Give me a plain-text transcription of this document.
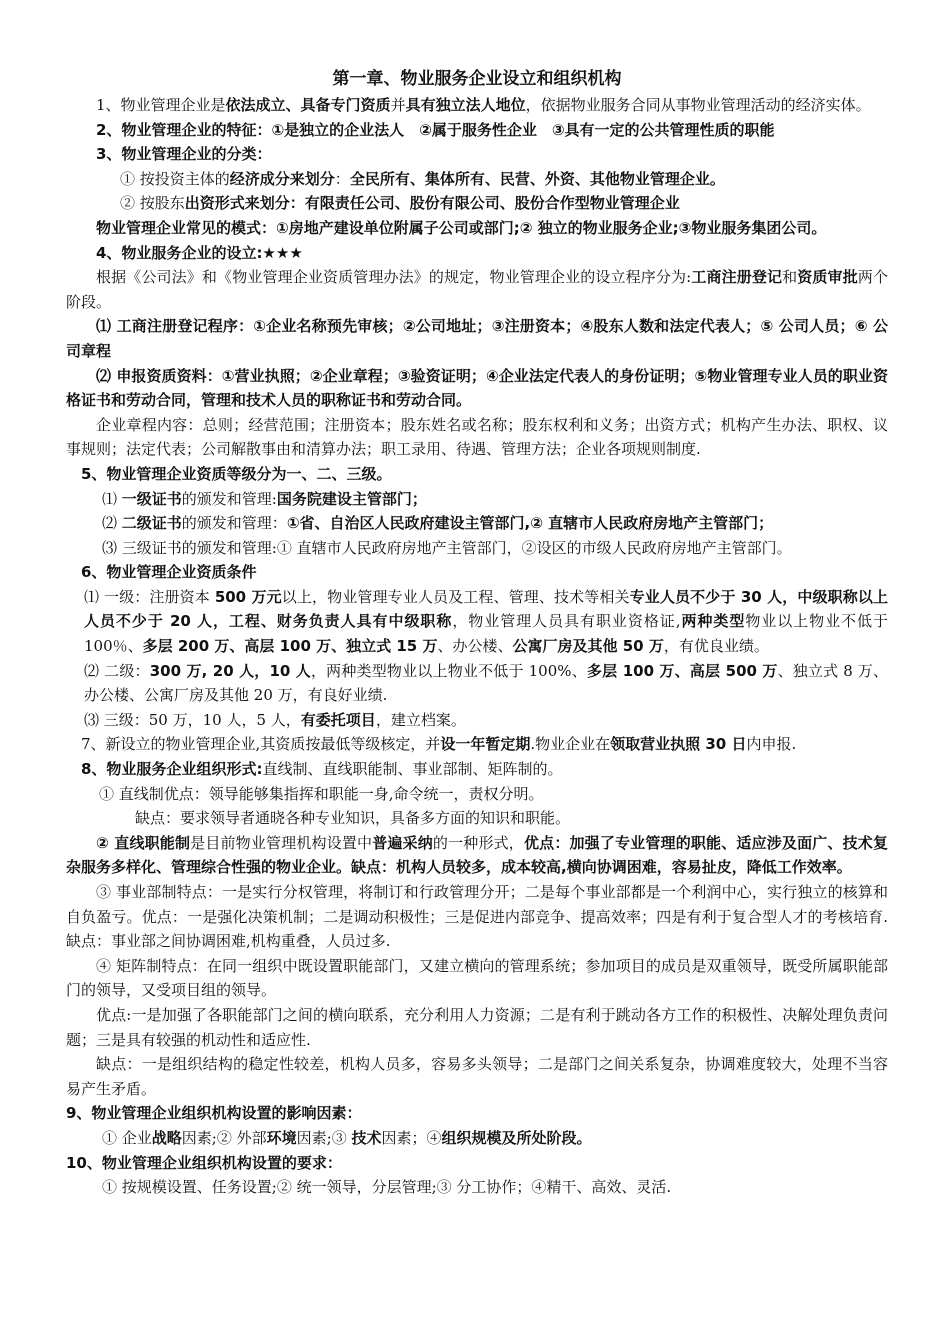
第一章、物业服务企业设立和组织机构

1、物业管理企业是依法成立、具备专门资质并具有独立法人地位，依据物业服务合同从事物业管理活动的经济实体。

2、物业管理企业的特征：①是独立的企业法人　②属于服务性企业　③具有一定的公共管理性质的职能

3、物业管理企业的分类：

① 按投资主体的经济成分来划分：全民所有、集体所有、民营、外资、其他物业管理企业。

② 按股东出资形式来划分：有限责任公司、股份有限公司、股份合作型物业管理企业

物业管理企业常见的模式：①房地产建设单位附属子公司或部门;② 独立的物业服务企业;③物业服务集团公司。

4、物业服务企业的设立:★★★

根据《公司法》和《物业管理企业资质管理办法》的规定，物业管理企业的设立程序分为:工商注册登记和资质审批两个阶段。

⑴ 工商注册登记程序：①企业名称预先审核；②公司地址；③注册资本；④股东人数和法定代表人；⑤ 公司人员；⑥ 公司章程

⑵ 申报资质资料：①营业执照；②企业章程；③验资证明；④企业法定代表人的身份证明；⑤物业管理专业人员的职业资格证书和劳动合同，管理和技术人员的职称证书和劳动合同。

企业章程内容：总则；经营范围；注册资本；股东姓名或名称；股东权利和义务；出资方式；机构产生办法、职权、议事规则；法定代表；公司解散事由和清算办法；职工录用、待遇、管理方法；企业各项规则制度.

5、物业管理企业资质等级分为一、二、三级。

⑴ 一级证书的颁发和管理:国务院建设主管部门；

⑵ 二级证书的颁发和管理：①省、自治区人民政府建设主管部门,② 直辖市人民政府房地产主管部门；

⑶ 三级证书的颁发和管理:① 直辖市人民政府房地产主管部门，②设区的市级人民政府房地产主管部门。

6、物业管理企业资质条件

⑴ 一级：注册资本 500 万元以上，物业管理专业人员及工程、管理、技术等相关专业人员不少于 30 人，中级职称以上人员不少于 20 人，工程、财务负责人具有中级职称，物业管理人员具有职业资格证,两种类型物业以上物业不低于 100％、多层 200 万、高层 100 万、独立式 15 万、办公楼、公寓厂房及其他 50 万，有优良业绩。

⑵ 二级：300 万, 20 人，10 人，两种类型物业以上物业不低于 100%、多层 100 万、高层 500 万、独立式 8 万、办公楼、公寓厂房及其他 20 万，有良好业绩.

⑶ 三级：50 万，10 人，5 人，有委托项目，建立档案。

7、新设立的物业管理企业,其资质按最低等级核定，并设一年暂定期.物业企业在领取营业执照 30 日内申报.

8、物业服务企业组织形式:直线制、直线职能制、事业部制、矩阵制的。

① 直线制优点：领导能够集指挥和职能一身,命令统一，责权分明。

缺点：要求领导者通晓各种专业知识，具备多方面的知识和职能。

② 直线职能制是目前物业管理机构设置中普遍采纳的一种形式，优点：加强了专业管理的职能、适应涉及面广、技术复杂服务多样化、管理综合性强的物业企业。缺点：机构人员较多，成本较高,横向协调困难，容易扯皮，降低工作效率。

③ 事业部制特点：一是实行分权管理，将制订和行政管理分开；二是每个事业部都是一个利润中心，实行独立的核算和自负盈亏。优点：一是强化决策机制；二是调动积极性；三是促进内部竞争、提高效率；四是有利于复合型人才的考核培育.缺点：事业部之间协调困难,机构重叠，人员过多.

④ 矩阵制特点：在同一组织中既设置职能部门，又建立横向的管理系统；参加项目的成员是双重领导，既受所属职能部门的领导，又受项目组的领导。

优点:一是加强了各职能部门之间的横向联系，充分利用人力资源；二是有利于跳动各方工作的积极性、决解处理负责问题；三是具有较强的机动性和适应性.

缺点：一是组织结构的稳定性较差，机构人员多，容易多头领导；二是部门之间关系复杂，协调难度较大，处理不当容易产生矛盾。

9、物业管理企业组织机构设置的影响因素：

① 企业战略因素;② 外部环境因素;③ 技术因素；④组织规模及所处阶段。

10、物业管理企业组织机构设置的要求：

① 按规模设置、任务设置;② 统一领导，分层管理;③ 分工协作；④精干、高效、灵活.
